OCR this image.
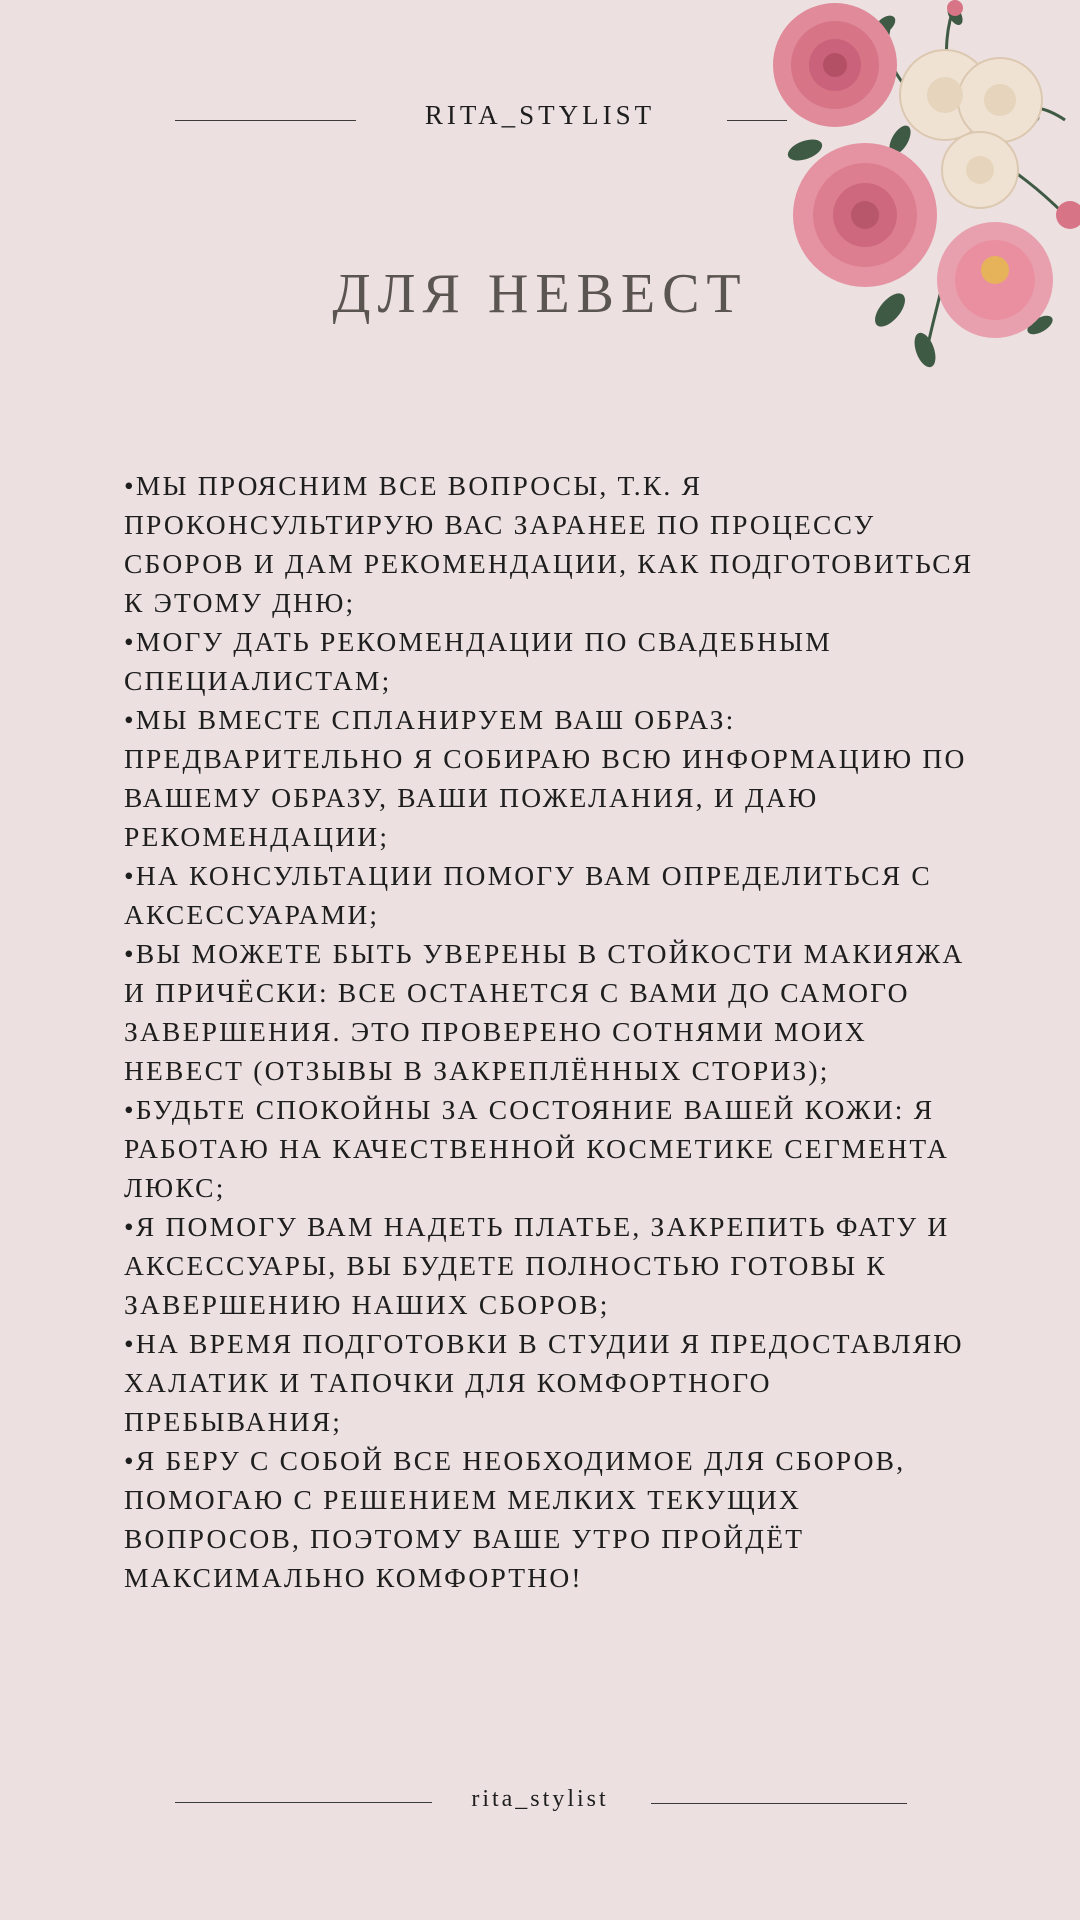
RITA_STYLIST
ДЛЯ НЕВЕСТ
•МЫ ПРОЯСНИМ ВСЕ ВОПРОСЫ, Т.К. Я ПРОКОНСУЛЬТИРУЮ ВАС ЗАРАНЕЕ ПО ПРОЦЕССУ СБОРОВ И ДАМ РЕКОМЕНДАЦИИ, КАК ПОДГОТОВИТЬСЯ К ЭТОМУ ДНЮ;
•МОГУ ДАТЬ РЕКОМЕНДАЦИИ ПО СВАДЕБНЫМ СПЕЦИАЛИСТАМ;
•МЫ ВМЕСТЕ СПЛАНИРУЕМ ВАШ ОБРАЗ: ПРЕДВАРИТЕЛЬНО Я СОБИРАЮ ВСЮ ИНФОРМАЦИЮ ПО ВАШЕМУ ОБРАЗУ, ВАШИ ПОЖЕЛАНИЯ, И ДАЮ РЕКОМЕНДАЦИИ;
•НА КОНСУЛЬТАЦИИ ПОМОГУ ВАМ ОПРЕДЕЛИТЬСЯ С АКСЕССУАРАМИ;
•ВЫ МОЖЕТЕ БЫТЬ УВЕРЕНЫ В СТОЙКОСТИ МАКИЯЖА И ПРИЧЁСКИ: ВСЕ ОСТАНЕТСЯ С ВАМИ ДО САМОГО ЗАВЕРШЕНИЯ. ЭТО ПРОВЕРЕНО СОТНЯМИ МОИХ НЕВЕСТ (ОТЗЫВЫ В ЗАКРЕПЛЁННЫХ СТОРИЗ);
•БУДЬТЕ СПОКОЙНЫ ЗА СОСТОЯНИЕ ВАШЕЙ КОЖИ: Я РАБОТАЮ НА КАЧЕСТВЕННОЙ КОСМЕТИКЕ СЕГМЕНТА ЛЮКС;
•Я ПОМОГУ ВАМ НАДЕТЬ ПЛАТЬЕ, ЗАКРЕПИТЬ ФАТУ И АКСЕССУАРЫ, ВЫ БУДЕТЕ ПОЛНОСТЬЮ ГОТОВЫ К ЗАВЕРШЕНИЮ НАШИХ СБОРОВ;
•НА ВРЕМЯ ПОДГОТОВКИ В СТУДИИ Я ПРЕДОСТАВЛЯЮ ХАЛАТИК И ТАПОЧКИ ДЛЯ КОМФОРТНОГО ПРЕБЫВАНИЯ;
•Я БЕРУ С СОБОЙ ВСЕ НЕОБХОДИМОЕ ДЛЯ СБОРОВ, ПОМОГАЮ С РЕШЕНИЕМ МЕЛКИХ ТЕКУЩИХ ВОПРОСОВ, ПОЭТОМУ ВАШЕ УТРО ПРОЙДЁТ МАКСИМАЛЬНО КОМФОРТНО!
rita_stylist
